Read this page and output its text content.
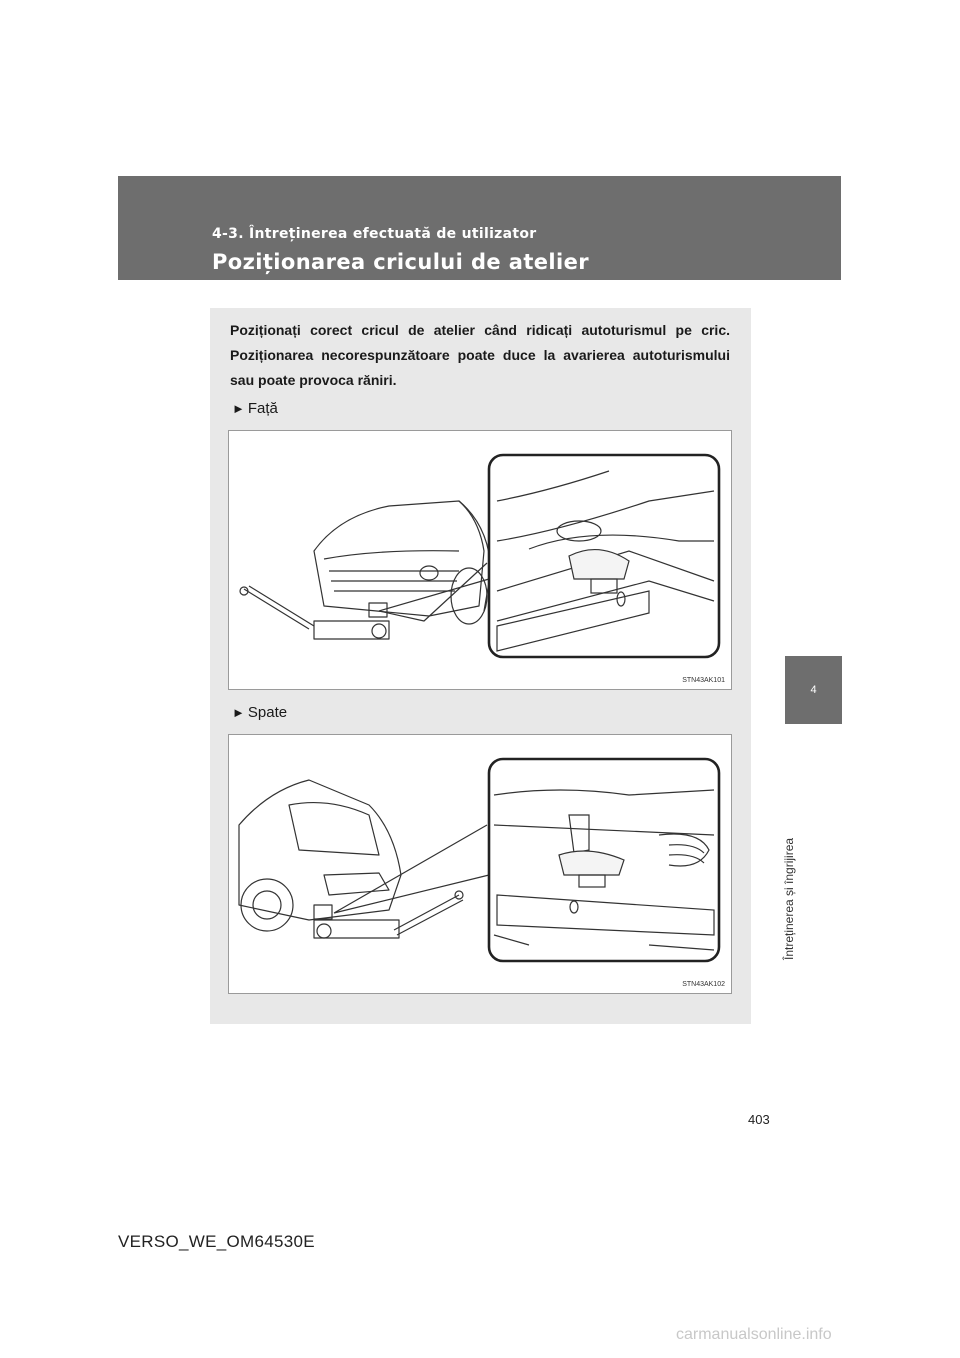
4-3. Întreținerea efectuată de utilizator
Poziționarea cricului de atelier
4
Întreținerea și îngrijirea

Poziționați corect cricul de atelier când ridicați autoturismul pe cric. Poziționarea necorespunzătoare poate duce la avarierea autoturismului sau poate provoca răniri.

► Față
STN43AK101
► Spate
STN43AK102
403
VERSO_WE_OM64530E
carmanualsonline.info
